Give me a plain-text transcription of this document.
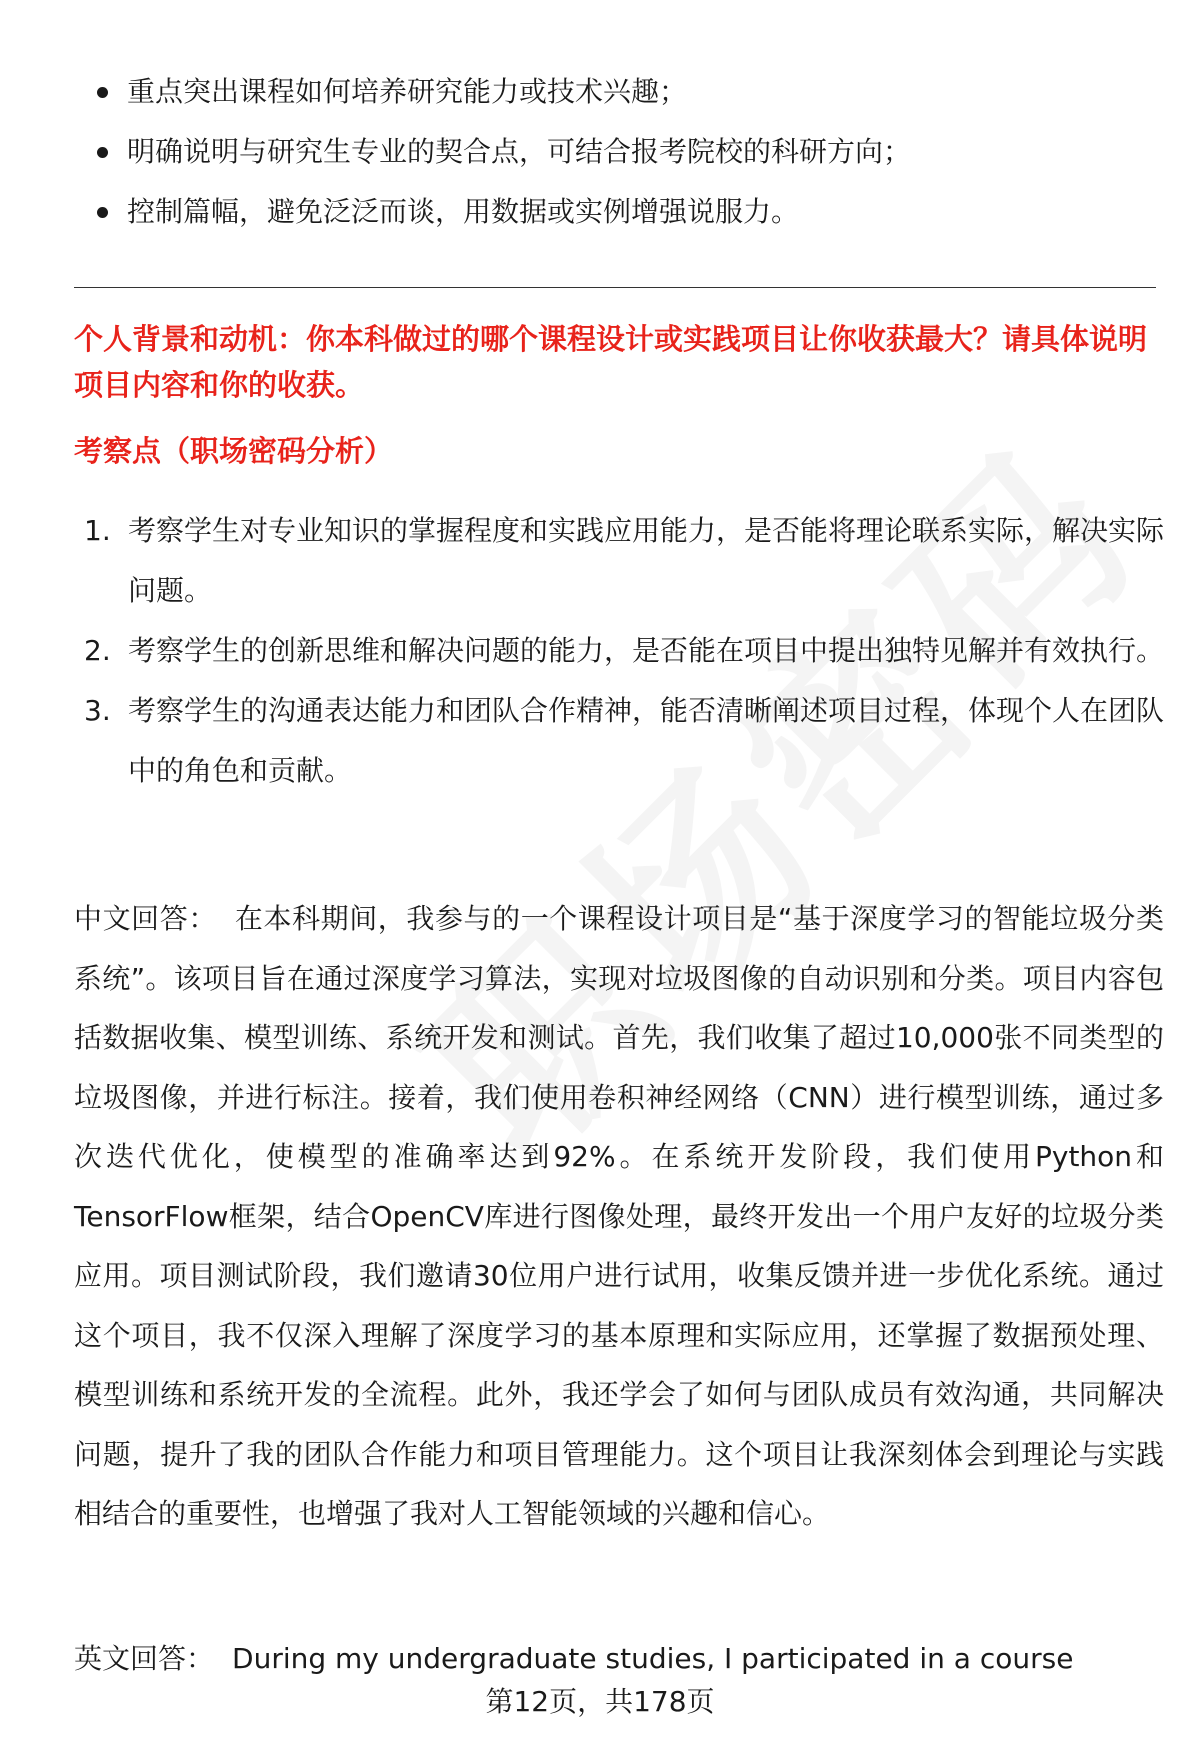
重点突出课程如何培养研究能力或技术兴趣；
明确说明与研究生专业的契合点，可结合报考院校的科研方向；
控制篇幅，避免泛泛而谈，用数据或实例增强说服力。

个人背景和动机：你本科做过的哪个课程设计或实践项目让你收获最大？请具体说明项目内容和你的收获。

考察点（职场密码分析）

1. 考察学生对专业知识的掌握程度和实践应用能力，是否能将理论联系实际，解决实际问题。
2. 考察学生的创新思维和解决问题的能力，是否能在项目中提出独特见解并有效执行。
3. 考察学生的沟通表达能力和团队合作精神，能否清晰阐述项目过程，体现个人在团队中的角色和贡献。

中文回答： 在本科期间，我参与的一个课程设计项目是“基于深度学习的智能垃圾分类系统”。该项目旨在通过深度学习算法，实现对垃圾图像的自动识别和分类。项目内容包括数据收集、模型训练、系统开发和测试。首先，我们收集了超过10,000张不同类型的垃圾图像，并进行标注。接着，我们使用卷积神经网络（CNN）进行模型训练，通过多次迭代优化，使模型的准确率达到92%。在系统开发阶段，我们使用Python和TensorFlow框架，结合OpenCV库进行图像处理，最终开发出一个用户友好的垃圾分类应用。项目测试阶段，我们邀请30位用户进行试用，收集反馈并进一步优化系统。通过这个项目，我不仅深入理解了深度学习的基本原理和实际应用，还掌握了数据预处理、模型训练和系统开发的全流程。此外，我还学会了如何与团队成员有效沟通，共同解决问题，提升了我的团队合作能力和项目管理能力。这个项目让我深刻体会到理论与实践相结合的重要性，也增强了我对人工智能领域的兴趣和信心。

英文回答： During my undergraduate studies, I participated in a course

第12页，共178页
